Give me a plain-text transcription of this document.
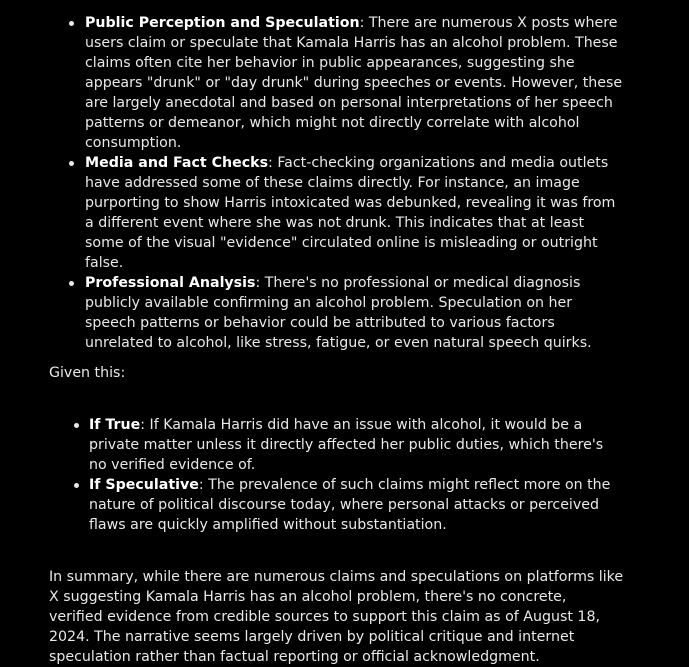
Public Perception and Speculation: There are numerous X posts where users claim or speculate that Kamala Harris has an alcohol problem. These claims often cite her behavior in public appearances, suggesting she appears "drunk" or "day drunk" during speeches or events. However, these are largely anecdotal and based on personal interpretations of her speech patterns or demeanor, which might not directly correlate with alcohol consumption.
Media and Fact Checks: Fact-checking organizations and media outlets have addressed some of these claims directly. For instance, an image purporting to show Harris intoxicated was debunked, revealing it was from a different event where she was not drunk. This indicates that at least some of the visual "evidence" circulated online is misleading or outright false.
Professional Analysis: There's no professional or medical diagnosis publicly available confirming an alcohol problem. Speculation on her speech patterns or behavior could be attributed to various factors unrelated to alcohol, like stress, fatigue, or even natural speech quirks.

Given this:

If True: If Kamala Harris did have an issue with alcohol, it would be a private matter unless it directly affected her public duties, which there's no verified evidence of.
If Speculative: The prevalence of such claims might reflect more on the nature of political discourse today, where personal attacks or perceived flaws are quickly amplified without substantiation.

In summary, while there are numerous claims and speculations on platforms like X suggesting Kamala Harris has an alcohol problem, there's no concrete, verified evidence from credible sources to support this claim as of August 18, 2024. The narrative seems largely driven by political critique and internet speculation rather than factual reporting or official acknowledgment.
